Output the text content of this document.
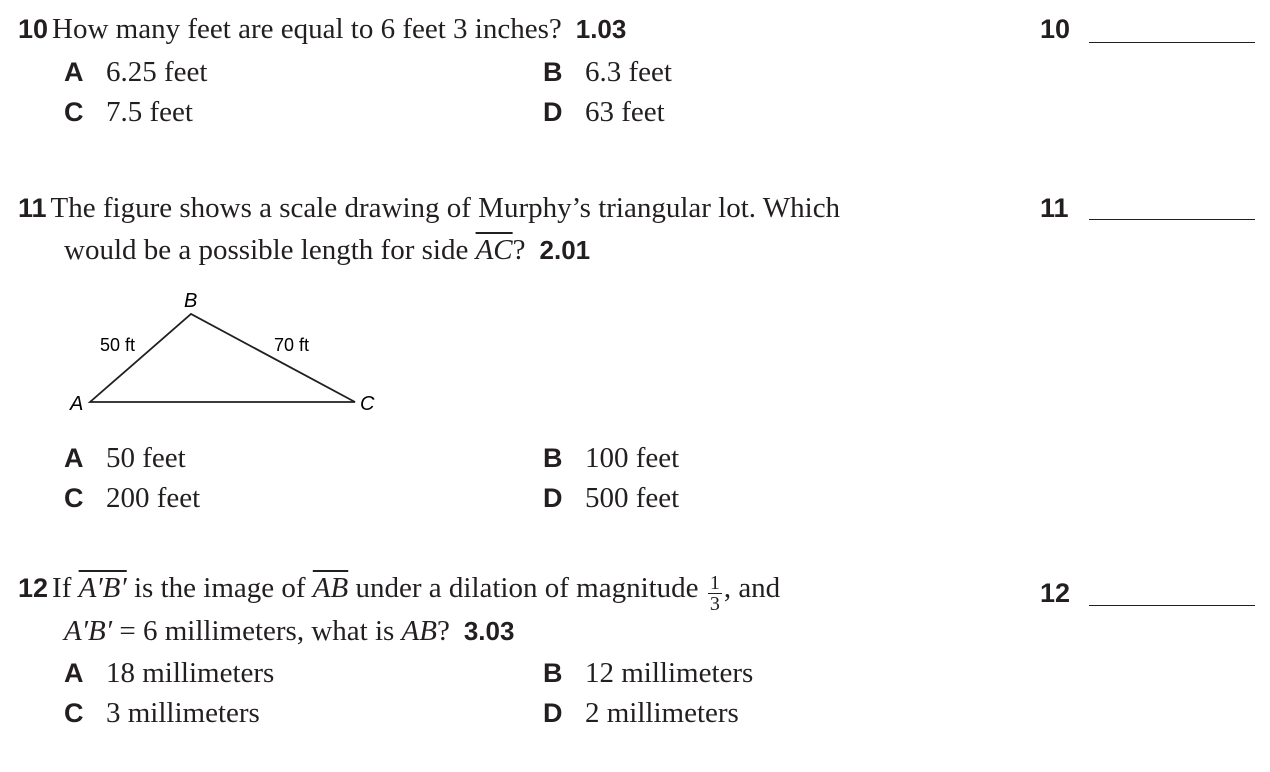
10 How many feet are equal to 6 feet 3 inches? 1.03	10
A 6.25 feet	B 6.3 feet
C 7.5 feet	D 63 feet
11 The figure shows a scale drawing of Murphy’s triangular lot. Which
would be a possible length for side $\overline{AC}$? 2.01
11
B
A	C
50 ft	70 ft
A 50 feet	B 100 feet
C 200 feet	D 500 feet
12 If A′B′ is the image of $\overline{AB}$ under a dilation of magnitude $\frac{1}{3}$ , and
A′B′ = 6 millimeters, what is AB? 3.03
12
A 18 millimeters	B 12 millimeters
C 3 millimeters	D 2 millimeters
